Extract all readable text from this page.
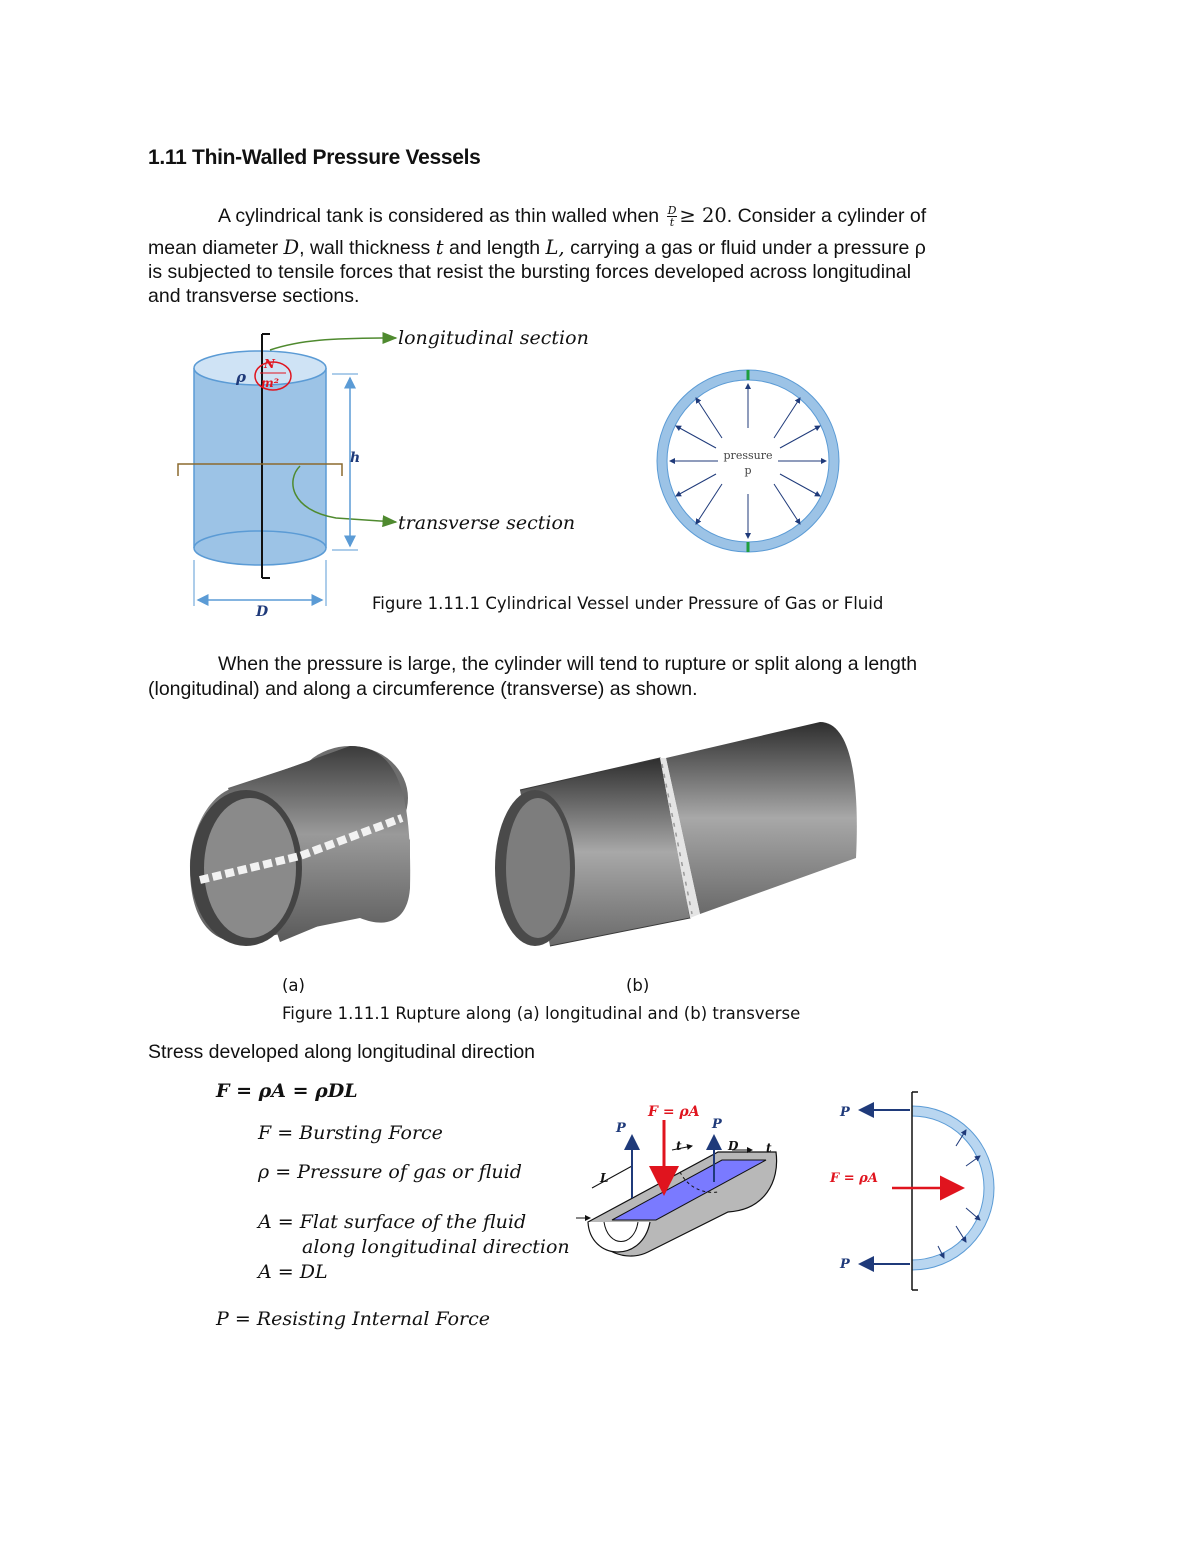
1.11 Thin-Walled Pressure Vessels
A cylindrical tank is considered as thin walled when $\frac{D}{t} \ge 20$. Consider a cylinder of
mean diameter D, wall thickness t and length L, carrying a gas or fluid under a pressure ρ
is subjected to tensile forces that resist the bursting forces developed across longitudinal
and transverse sections.
ρ
N
m²
longitudinal section
transverse section
h
D
pressure
p
Figure 1.11.1 Cylindrical Vessel under Pressure of Gas or Fluid
When the pressure is large, the cylinder will tend to rupture or split along a length
(longitudinal) and along a circumference (transverse) as shown.
(a)	(b)
Figure 1.11.1 Rupture along (a) longitudinal and (b) transverse
Stress developed along longitudinal direction
F = ρA = ρDL
F = Bursting Force
ρ = Pressure of gas or fluid
A = Flat surface of the fluid
along longitudinal direction
A = DL
P = Resisting Internal Force
F = ρA
P	P
t	t
D
L
P
F = ρA
P
